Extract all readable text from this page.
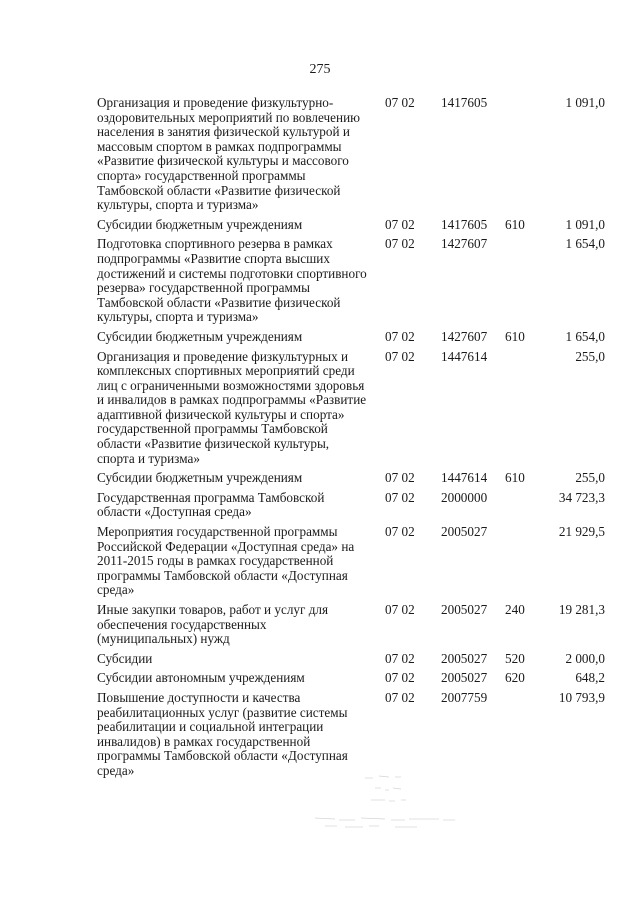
275
Организация и проведение физкультурно-оздоровительных мероприятий по вовлечению населения в занятия физической культурой и массовым спортом в рамках подпрограммы «Развитие физической культуры и массового спорта» государственной программы Тамбовской области «Развитие физической культуры, спорта и туризма»	07 02	1417605		1 091,0
Субсидии бюджетным учреждениям	07 02	1417605	610	1 091,0
Подготовка спортивного резерва в рамках подпрограммы «Развитие спорта высших достижений и системы подготовки спортивного резерва» государственной программы Тамбовской области «Развитие физической культуры, спорта и туризма»	07 02	1427607		1 654,0
Субсидии бюджетным учреждениям	07 02	1427607	610	1 654,0
Организация и проведение физкультурных и комплексных спортивных мероприятий среди лиц с ограниченными возможностями здоровья и инвалидов в рамках подпрограммы «Развитие адаптивной физической культуры и спорта» государственной программы Тамбовской области «Развитие физической культуры, спорта и туризма»	07 02	1447614		255,0
Субсидии бюджетным учреждениям	07 02	1447614	610	255,0
Государственная программа Тамбовской области «Доступная среда»	07 02	2000000		34 723,3
Мероприятия государственной программы Российской Федерации «Доступная среда» на 2011-2015 годы в рамках государственной программы Тамбовской области «Доступная среда»	07 02	2005027		21 929,5
Иные закупки товаров, работ и услуг для обеспечения государственных (муниципальных) нужд	07 02	2005027	240	19 281,3
Субсидии	07 02	2005027	520	2 000,0
Субсидии автономным учреждениям	07 02	2005027	620	648,2
Повышение доступности и качества реабилитационных услуг (развитие системы реабилитации и социальной интеграции инвалидов) в рамках государственной программы Тамбовской области «Доступная среда»	07 02	2007759		10 793,9
